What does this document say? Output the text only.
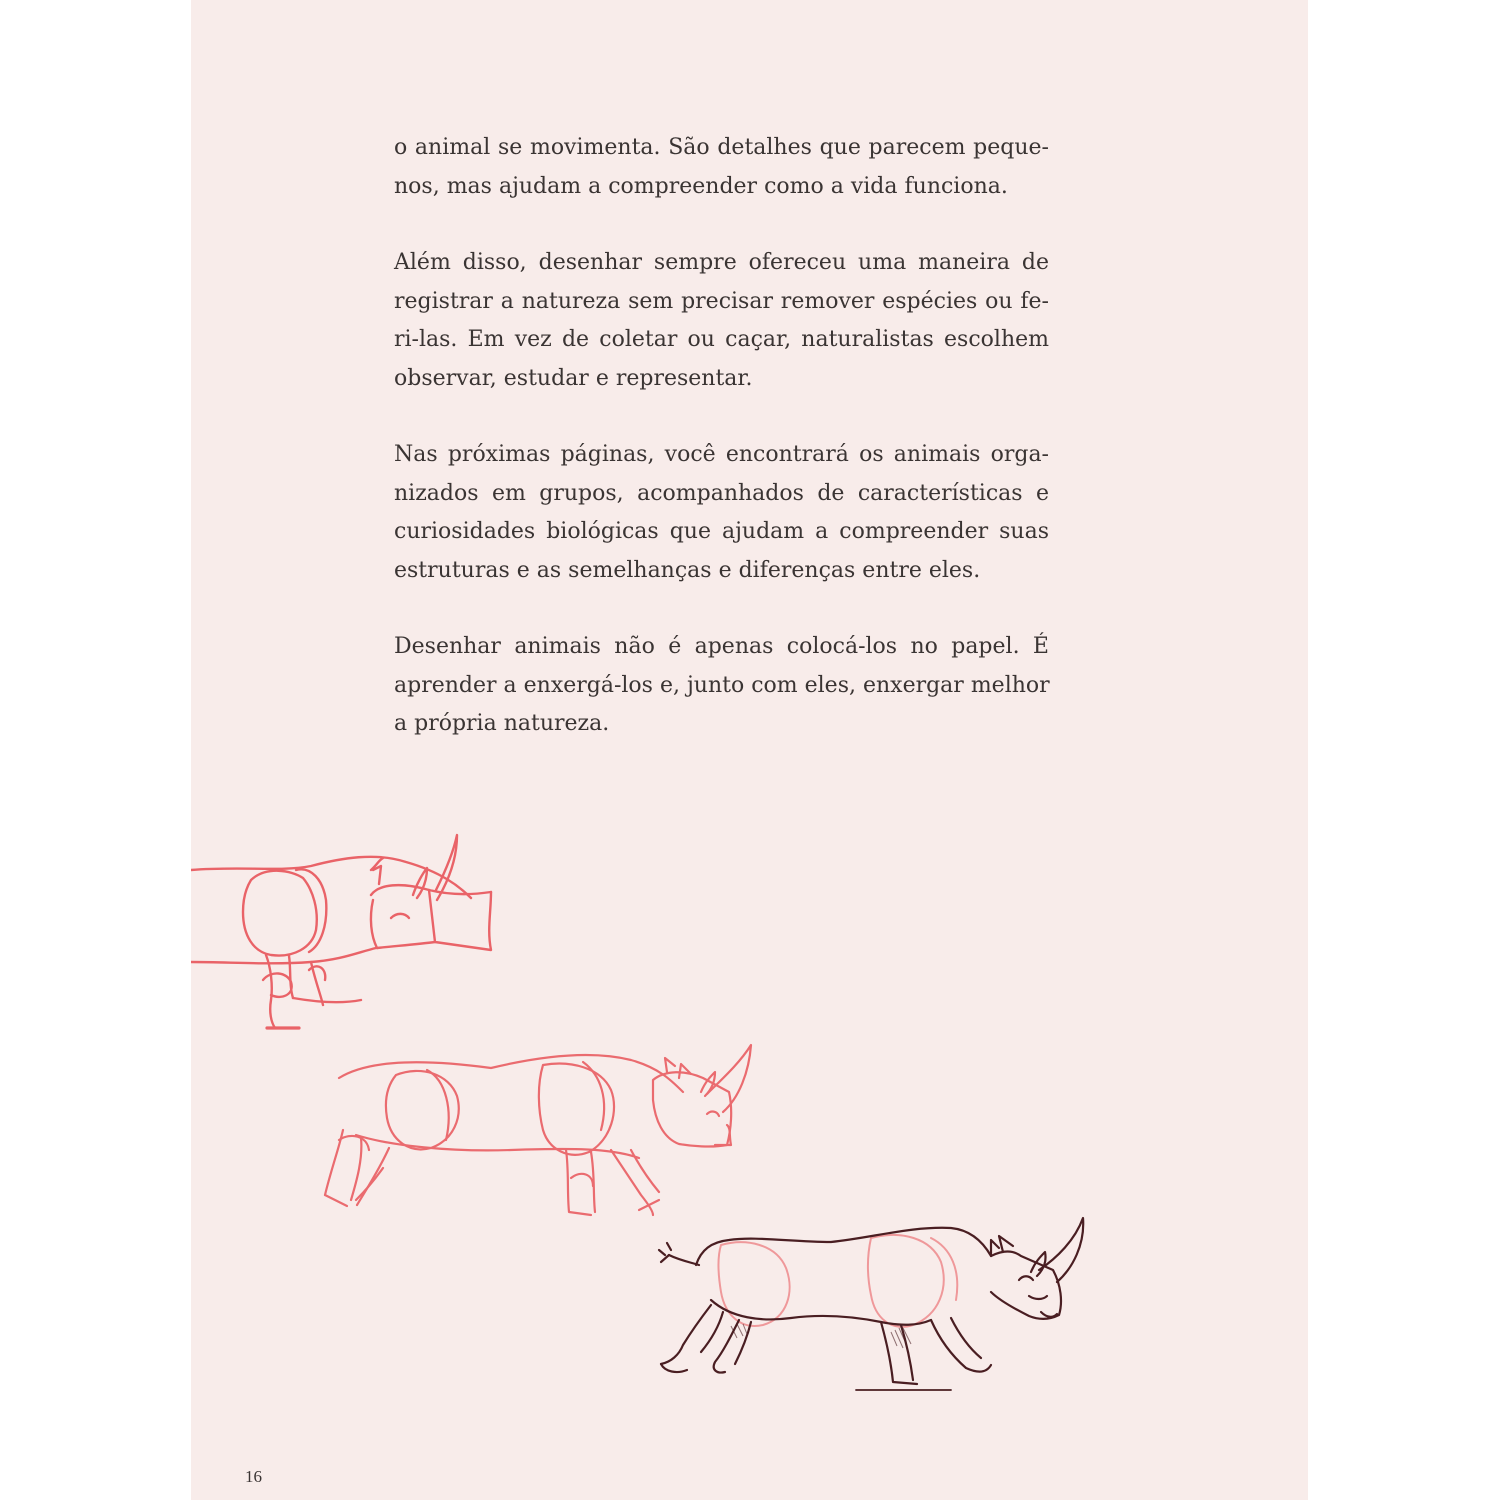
o animal se movimenta. São detalhes que parecem peque-
nos, mas ajudam a compreender como a vida funciona.

Além disso, desenhar sempre ofereceu uma maneira de
registrar a natureza sem precisar remover espécies ou fe-
ri-las. Em vez de coletar ou caçar, naturalistas escolhem
observar, estudar e representar.

Nas próximas páginas, você encontrará os animais orga-
nizados em grupos, acompanhados de características e
curiosidades biológicas que ajudam a compreender suas
estruturas e as semelhanças e diferenças entre eles.

Desenhar animais não é apenas colocá-los no papel. É
aprender a enxergá-los e, junto com eles, enxergar melhor
a própria natureza.

16
